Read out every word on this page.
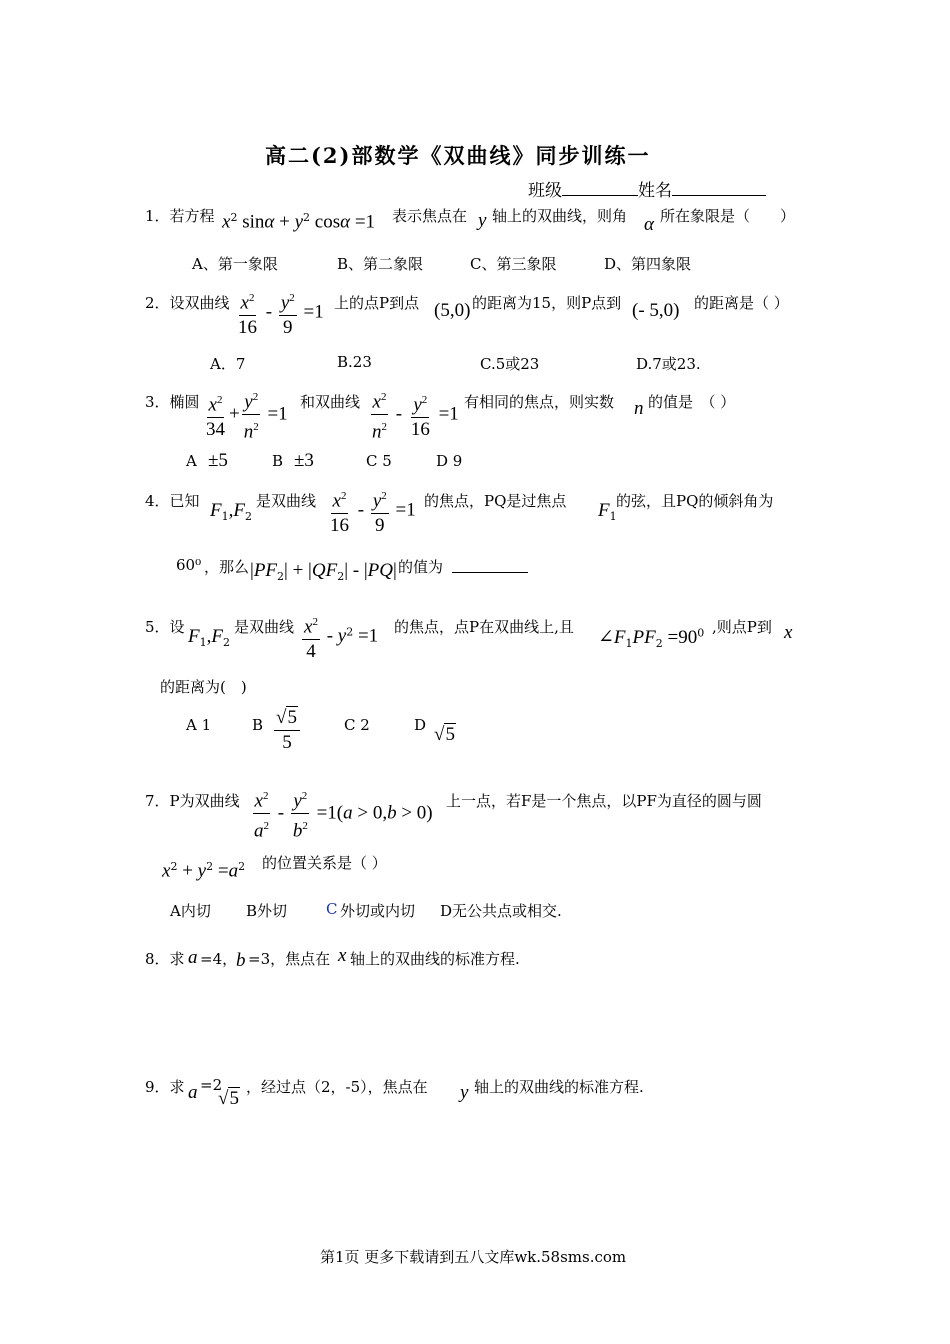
高二(2)部数学《双曲线》同步训练一
班级	姓名
1．若方程 $x^2$ $\sin\alpha + y^2$ cosα =1 表示焦点在 y 轴上的双曲线，则角 α 所在象限是（　　）
A、第一象限	B、第二象限	C、第三象限	D、第四象限
2．设双曲线 $\frac{x^2}{16} - \frac{y^2}{9} =1$ 上的点P到点 (5,0) 的距离为15，则P点到 (- 5,0) 的距离是（ ）
A．7	B.23	C.5或23	D.7或23.
3．椭圆 $\frac{x^2}{34} + \frac{y^2}{n^2} =1$
和双曲线 $\frac{x^2}{n^2} - \frac{y^2}{16} =1$
有相同的焦点，则实数 n 的值是　（ ）
A ±5	B ±3	C 5	D 9
4．已知 $F_1,F_2$
是双曲线 $\frac{x^2}{16} - \frac{y^2}{9} =1$ 的焦点，PQ是过焦点 $F_1$
的弦，且PQ的倾斜角为
60⁰ ，那么 $|PF_2| + |QF_2| - |PQ|$ 的值为
5．设 $F_1,F_2$
是双曲线 $\frac{x^2}{4} - y^2 =1$ 的焦点，点P在双曲线上,且 $\angle F_1PF_2 =90^0$ ,则点P到 x
的距离为(　)
A 1	B $\frac{√5}{5}$	C 2	D √5
7．P为双曲线 $\frac{x^2}{a^2} - \frac{y^2}{b^2} =1(a > 0,b > 0)$
上一点，若F是一个焦点，以PF为直径的圆与圆
$x^2 + y^2 =a^2$ 的位置关系是（ ）
A内切 B外切	C 外切或内切 D无公共点或相交.
8．求 a =4，
b =3，焦点在 x 轴上的双曲线的标准方程.
9．求 a =2
√5
，经过点（2，-5），焦点在 y 轴上的双曲线的标准方程.
第1页 更多下载请到五八文库wk.58sms.com
